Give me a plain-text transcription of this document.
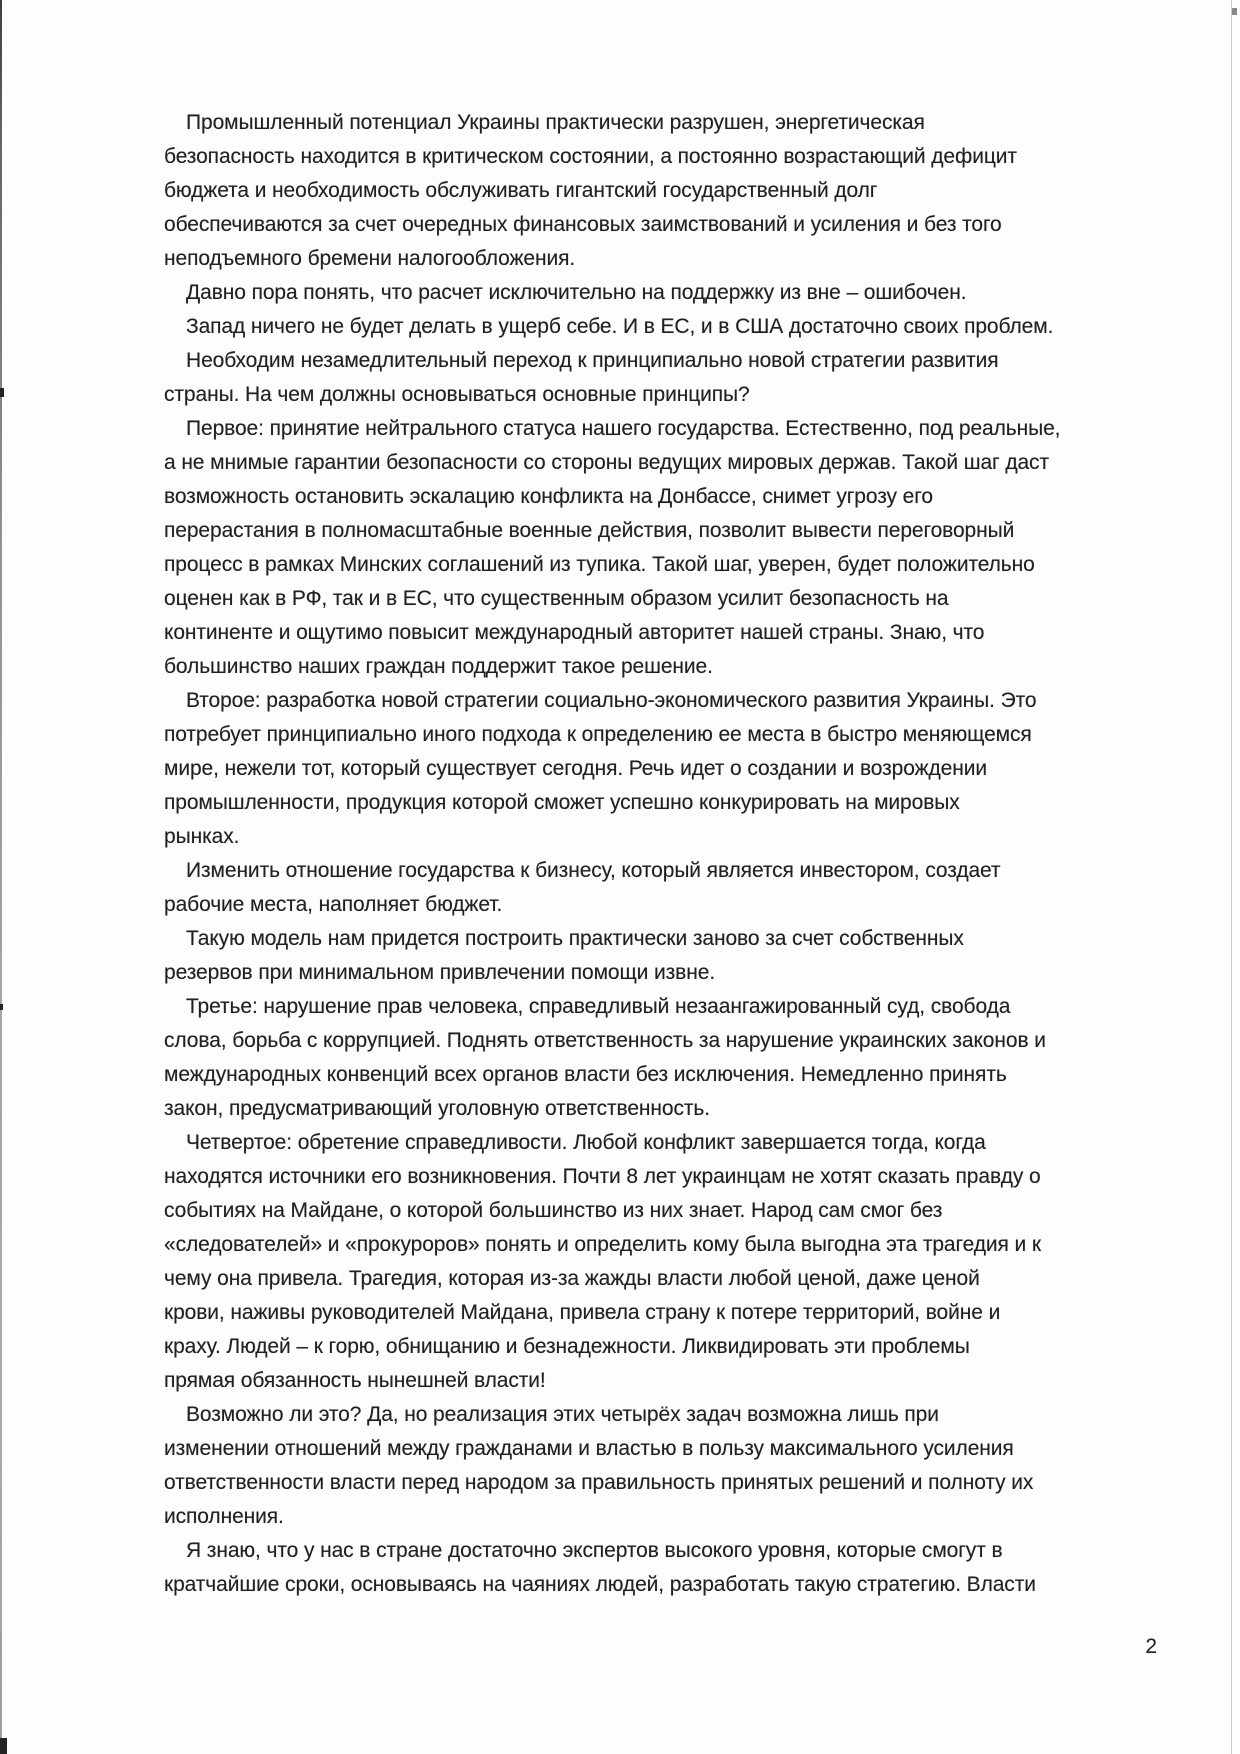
Промышленный потенциал Украины практически разрушен, энергетическая
безопасность находится в критическом состоянии, а постоянно возрастающий дефицит
бюджета и необходимость обслуживать гигантский государственный долг
обеспечиваются за счет очередных финансовых заимствований и усиления и без того
неподъемного бремени налогообложения.
Давно пора понять, что расчет исключительно на поддержку из вне – ошибочен.
Запад ничего не будет делать в ущерб себе. И в ЕС, и в США достаточно своих проблем.
Необходим незамедлительный переход к принципиально новой стратегии развития
страны. На чем должны основываться основные принципы?
Первое: принятие нейтрального статуса нашего государства. Естественно, под реальные,
а не мнимые гарантии безопасности со стороны ведущих мировых держав. Такой шаг даст
возможность остановить эскалацию конфликта на Донбассе, снимет угрозу его
перерастания в полномасштабные военные действия, позволит вывести переговорный
процесс в рамках Минских соглашений из тупика. Такой шаг, уверен, будет положительно
оценен как в РФ, так и в ЕС, что существенным образом усилит безопасность на
континенте и ощутимо повысит международный авторитет нашей страны. Знаю, что
большинство наших граждан поддержит такое решение.
Второе: разработка новой стратегии социально-экономического развития Украины. Это
потребует принципиально иного подхода к определению ее места в быстро меняющемся
мире, нежели тот, который существует сегодня. Речь идет о создании и возрождении
промышленности, продукция которой сможет успешно конкурировать на мировых
рынках.
Изменить отношение государства к бизнесу, который является инвестором, создает
рабочие места, наполняет бюджет.
Такую модель нам придется построить практически заново за счет собственных
резервов при минимальном привлечении помощи извне.
Третье: нарушение прав человека, справедливый незаангажированный суд, свобода
слова, борьба с коррупцией. Поднять ответственность за нарушение украинских законов и
международных конвенций всех органов власти без исключения. Немедленно принять
закон, предусматривающий уголовную ответственность.
Четвертое: обретение справедливости. Любой конфликт завершается тогда, когда
находятся источники его возникновения. Почти 8 лет украинцам не хотят сказать правду о
событиях на Майдане, о которой большинство из них знает. Народ сам смог без
«следователей» и «прокуроров» понять и определить кому была выгодна эта трагедия и к
чему она привела. Трагедия, которая из-за жажды власти любой ценой, даже ценой
крови, наживы руководителей Майдана, привела страну к потере территорий, войне и
краху. Людей – к горю, обнищанию и безнадежности. Ликвидировать эти проблемы
прямая обязанность нынешней власти!
Возможно ли это? Да, но реализация этих четырёх задач возможна лишь при
изменении отношений между гражданами и властью в пользу максимального усиления
ответственности власти перед народом за правильность принятых решений и полноту их
исполнения.
Я знаю, что у нас в стране достаточно экспертов высокого уровня, которые смогут в
кратчайшие сроки, основываясь на чаяниях людей, разработать такую стратегию. Власти
2
